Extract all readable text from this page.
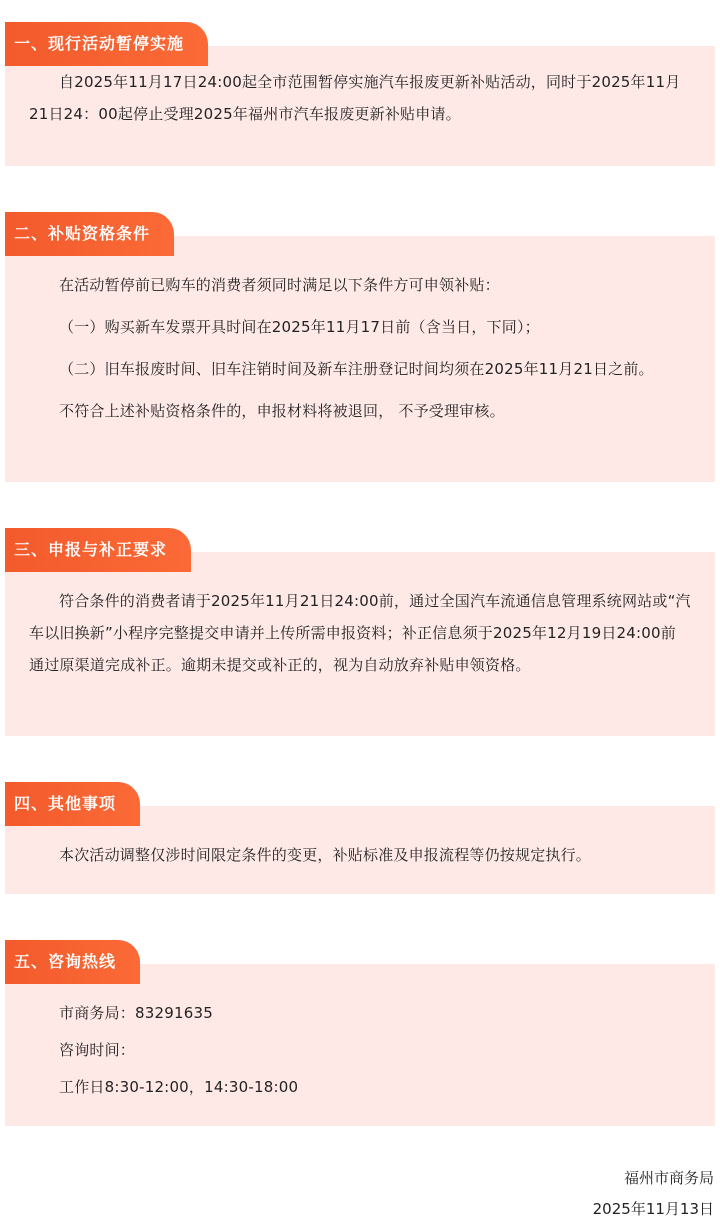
一、现行活动暂停实施

自2025年11月17日24:00起全市范围暂停实施汽车报废更新补贴活动，同时于2025年11月21日24：00起停止受理2025年福州市汽车报废更新补贴申请。

二、补贴资格条件

在活动暂停前已购车的消费者须同时满足以下条件方可申领补贴：

（一）购买新车发票开具时间在2025年11月17日前（含当日，下同）；

（二）旧车报废时间、旧车注销时间及新车注册登记时间均须在2025年11月21日之前。

不符合上述补贴资格条件的，申报材料将被退回， 不予受理审核。

三、申报与补正要求

符合条件的消费者请于2025年11月21日24:00前，通过全国汽车流通信息管理系统网站或“汽车以旧换新”小程序完整提交申请并上传所需申报资料；补正信息须于2025年12月19日24:00前通过原渠道完成补正。逾期未提交或补正的，视为自动放弃补贴申领资格。

四、其他事项

本次活动调整仅涉时间限定条件的变更，补贴标准及申报流程等仍按规定执行。

五、咨询热线

市商务局：83291635

咨询时间：

工作日8:30-12:00，14:30-18:00

福州市商务局
2025年11月13日
